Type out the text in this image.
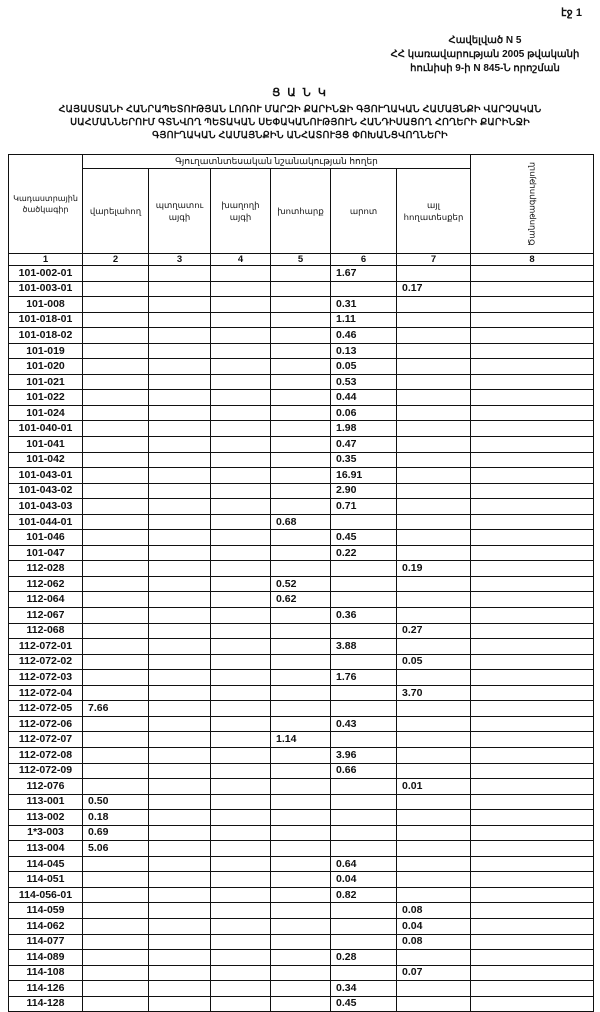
էջ 1
Հավելված N 5
ՀՀ կառավարության 2005 թվականի
հունիսի 9-ի N 845-Ն որոշման
Ց Ա Ն Կ
ՀԱՅԱՍՏԱՆԻ ՀԱՆՐԱՊԵՏՈՒԹՅԱՆ ԼՈՌՈՒ ՄԱՐԶԻ ՔԱՐԻՆՋԻ ԳՅՈՒՂԱԿԱՆ ՀԱՄԱՅՆՔԻ ՎԱՐՉԱԿԱՆ
ՍԱՀՄԱՆՆԵՐՈՒՄ ԳՏՆՎՈՂ ՊԵՏԱԿԱՆ ՍԵՓԱԿԱՆՈՒԹՅՈՒՆ ՀԱՆԴԻՍԱՑՈՂ ՀՈՂԵՐԻ ՔԱՐԻՆՋԻ
ԳՅՈՒՂԱԿԱՆ ՀԱՄԱՅՆՔԻՆ ԱՆՀԱՏՈՒՅՑ ՓՈԽԱՆՑՎՈՂՆԵՐԻ
Կադաստրային ծածկագիր	Գյուղատնտեսական նշանակության հողեր						Ծանոթագրություն

	վարելահող	պտղատու այգի	խաղողի այգի	խոտհարք	արոտ	այլ հողատեսքեր	
1	2	3	4	5	6	7	8
101-002-01					1.67		
101-003-01						0.17	
101-008					0.31		
101-018-01					1.11		
101-018-02					0.46		
101-019					0.13		
101-020					0.05		
101-021					0.53		
101-022					0.44		
101-024					0.06		
101-040-01					1.98		
101-041					0.47		
101-042					0.35		
101-043-01					16.91		
101-043-02					2.90		
101-043-03					0.71		
101-044-01				0.68			
101-046					0.45		
101-047					0.22		
112-028						0.19	
112-062				0.52			
112-064				0.62			
112-067					0.36		
112-068						0.27	
112-072-01					3.88		
112-072-02						0.05	
112-072-03					1.76		
112-072-04						3.70	
112-072-05	7.66						
112-072-06					0.43		
112-072-07				1.14			
112-072-08					3.96		
112-072-09					0.66		
112-076						0.01	
113-001	0.50						
113-002	0.18						
1*3-003	0.69						
113-004	5.06						
114-045					0.64		
114-051					0.04		
114-056-01					0.82		
114-059						0.08	
114-062						0.04	
114-077						0.08	
114-089					0.28		
114-108						0.07	
114-126					0.34		
114-128					0.45		
